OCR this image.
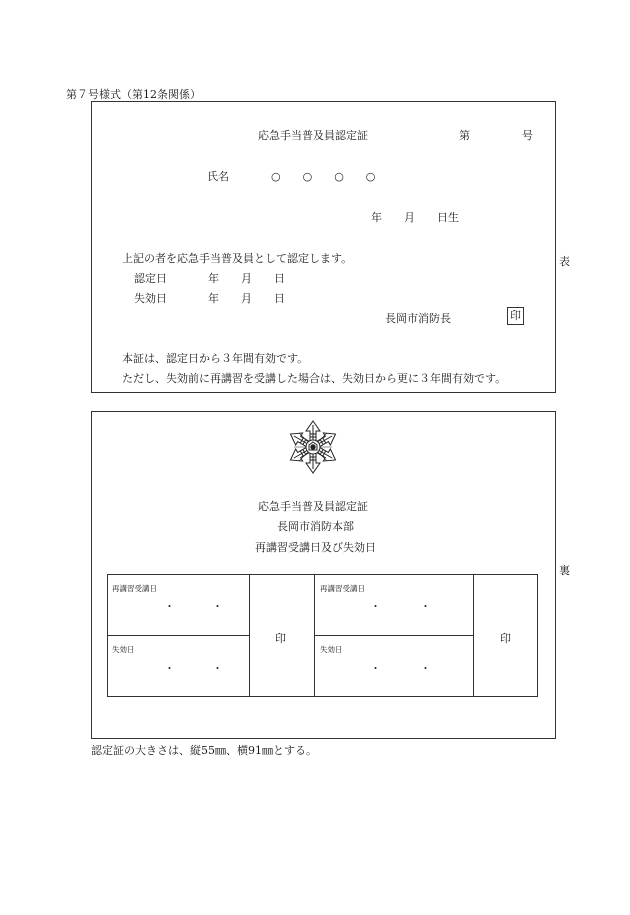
第７号様式（第12条関係）
応急手当普及員認定証	第	号
氏名	○　　○　　○　　○
年　　月　　日生
上記の者を応急手当普及員として認定します。
認定日	年　　月　　日
失効日	年　　月　　日
長岡市消防長	印
本証は、認定日から３年間有効です。
ただし、失効前に再講習を受講した場合は、失効日から更に３年間有効です。
表
応急手当普及員認定証
長岡市消防本部
再講習受講日及び失効日
再講習受講日
・	・
失効日
・	・
印
再講習受講日
・	・
失効日
・	・
印
裏
認定証の大きさは、縦55㎜、横91㎜とする。
